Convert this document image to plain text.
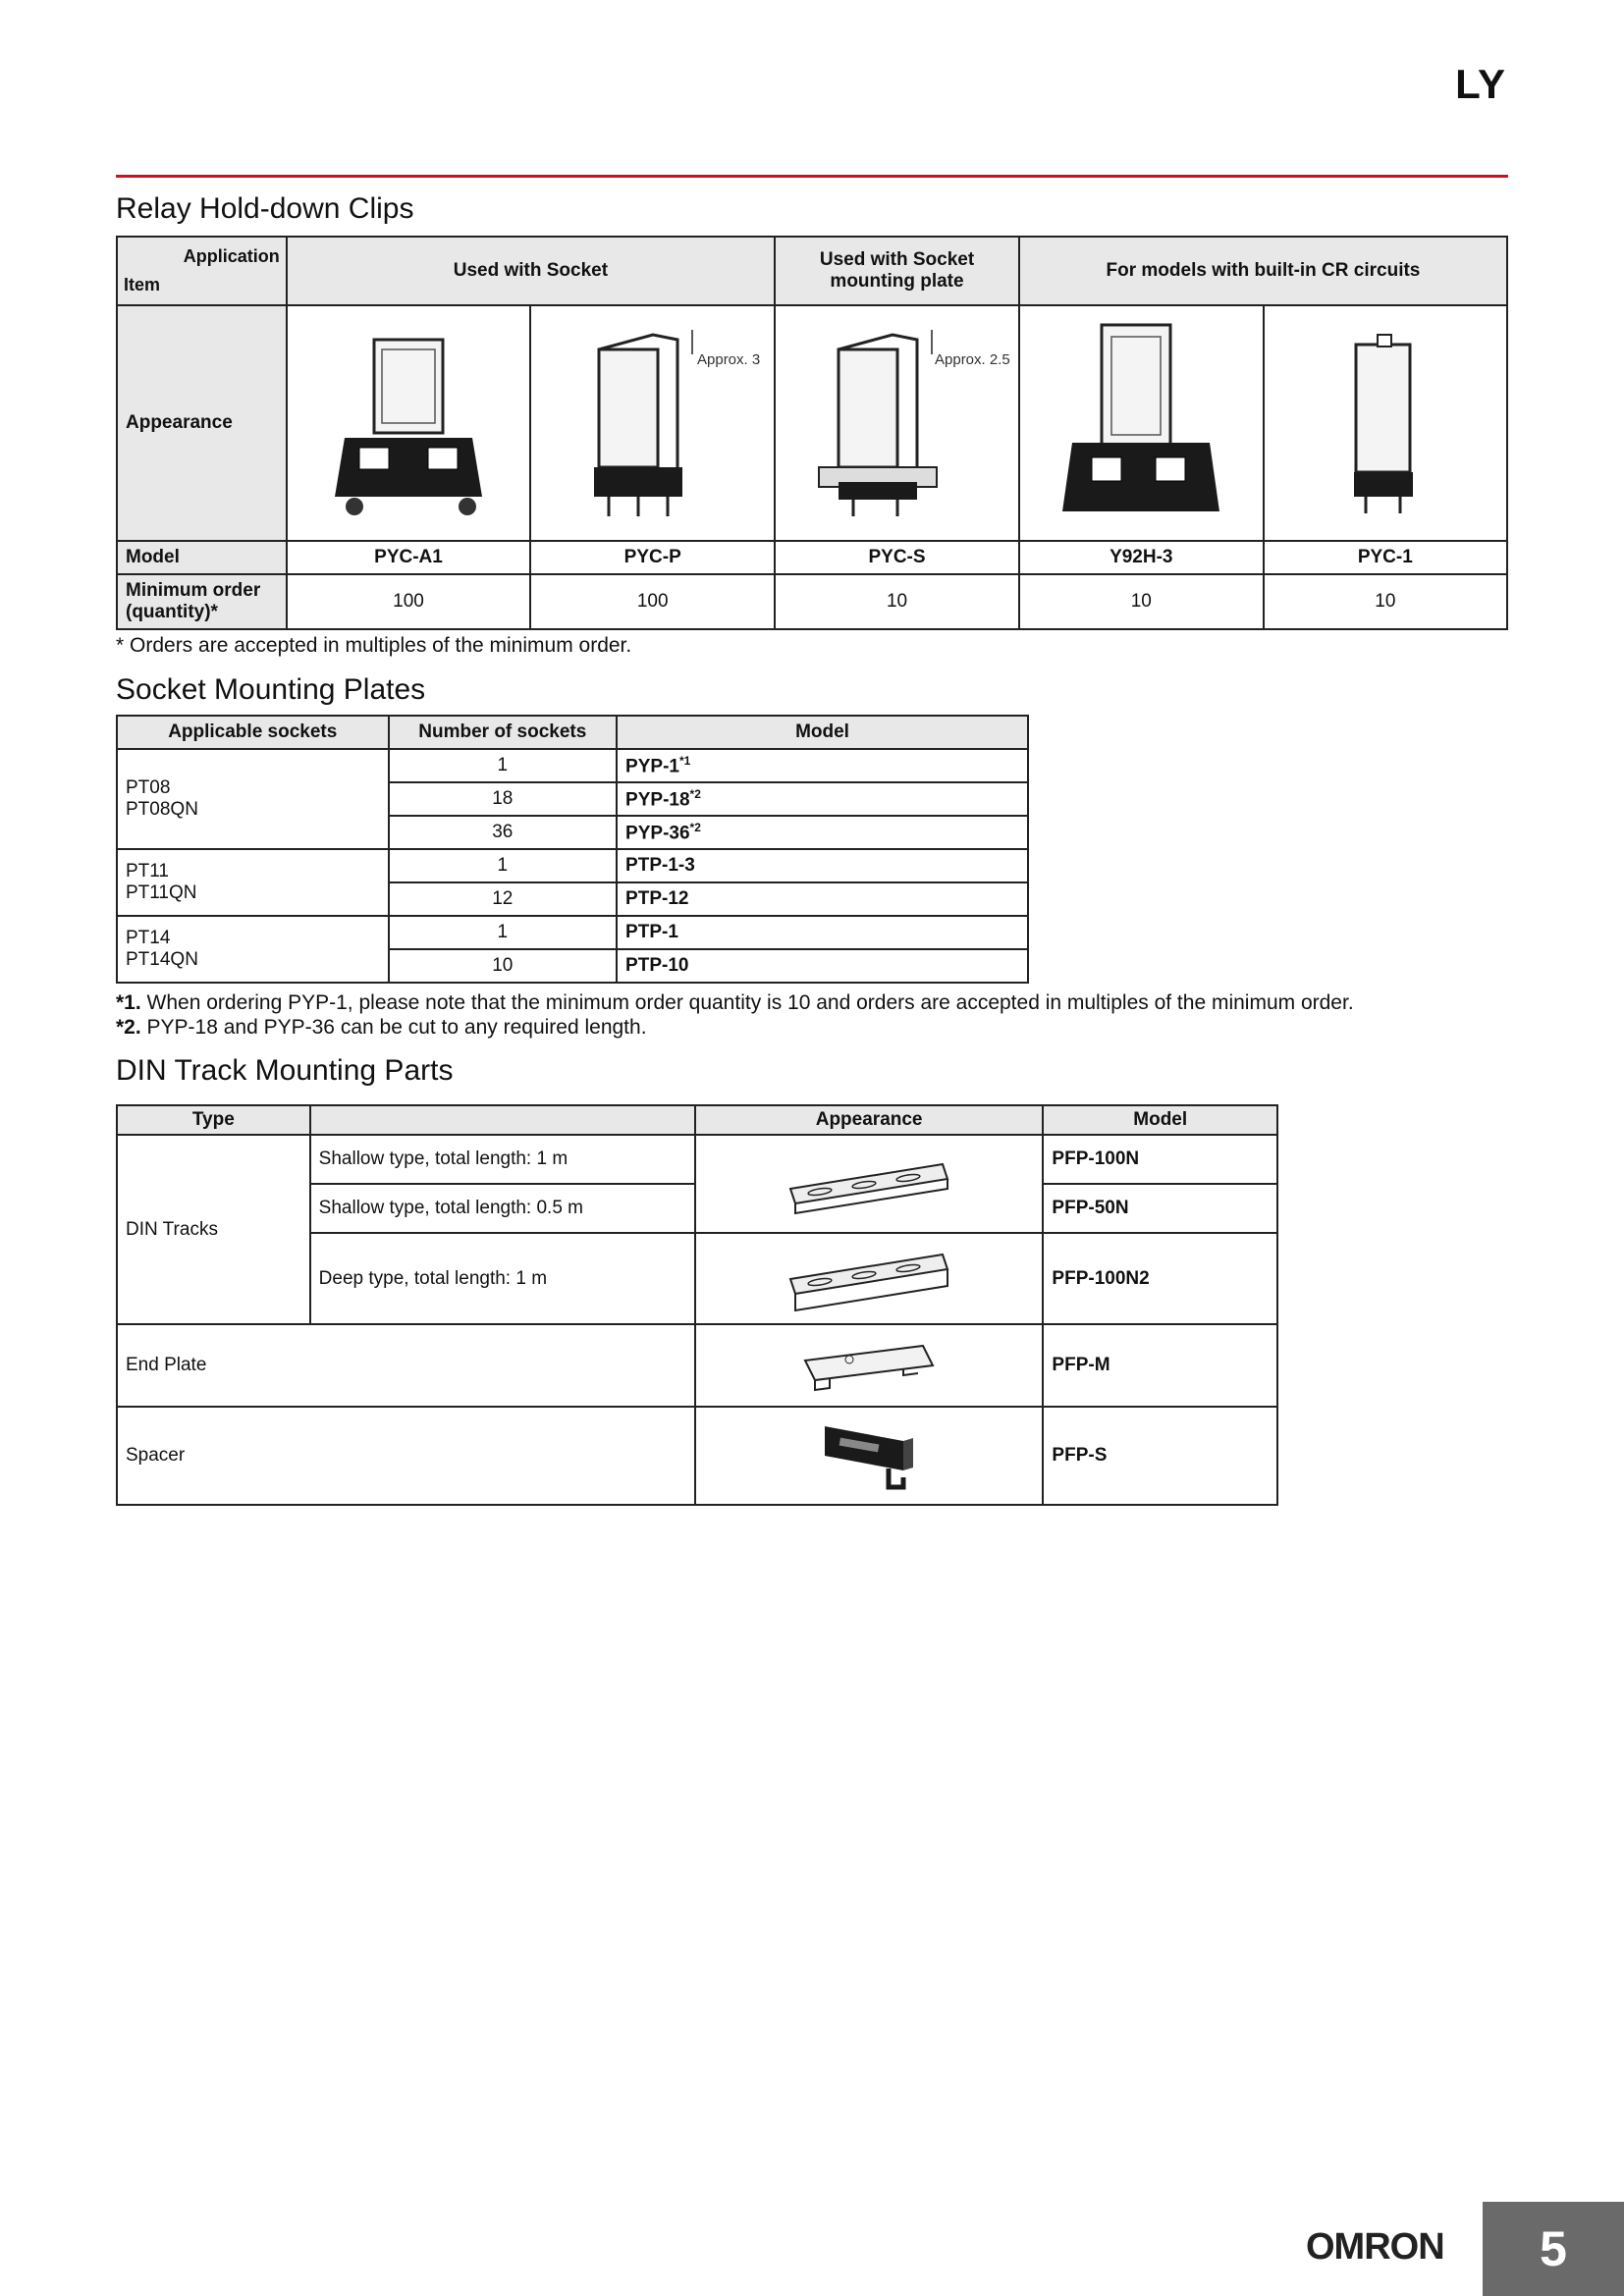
LY
Relay Hold-down Clips
Application
Item	Used with Socket		Used with Socket mounting plate	For models with built-in CR circuits	
Appearance		Approx. 3	Approx. 2.5

Model	PYC-A1	PYC-P	PYC-S	Y92H-3	PYC-1
Minimum order (quantity)*	100	100	10	10	10
* Orders are accepted in multiples of the minimum order.
Socket Mounting Plates
Applicable sockets	Number of sockets	Model

PT08 PT08QN	1	PYP-1$^{*1}$
	18	PYP-18$^{*2}$
	36	PYP-36$^{*2}$

PT11 PT11QN	1	PTP-1-3
	12	PTP-12

PT14 PT14QN	1	PTP-1
	10	PTP-10
*1. When ordering PYP-1, please note that the minimum order quantity is 10 and orders are accepted in multiples of the minimum order.
*2. PYP-18 and PYP-36 can be cut to any required length.
DIN Track Mounting Parts
Type		Appearance	Model
DIN Tracks	Shallow type, total length: 1 m		PFP-100N
	Shallow type, total length: 0.5 m		PFP-50N
	Deep type, total length: 1 m		PFP-100N2
End Plate			PFP-M
Spacer			PFP-S
OMRON	5
